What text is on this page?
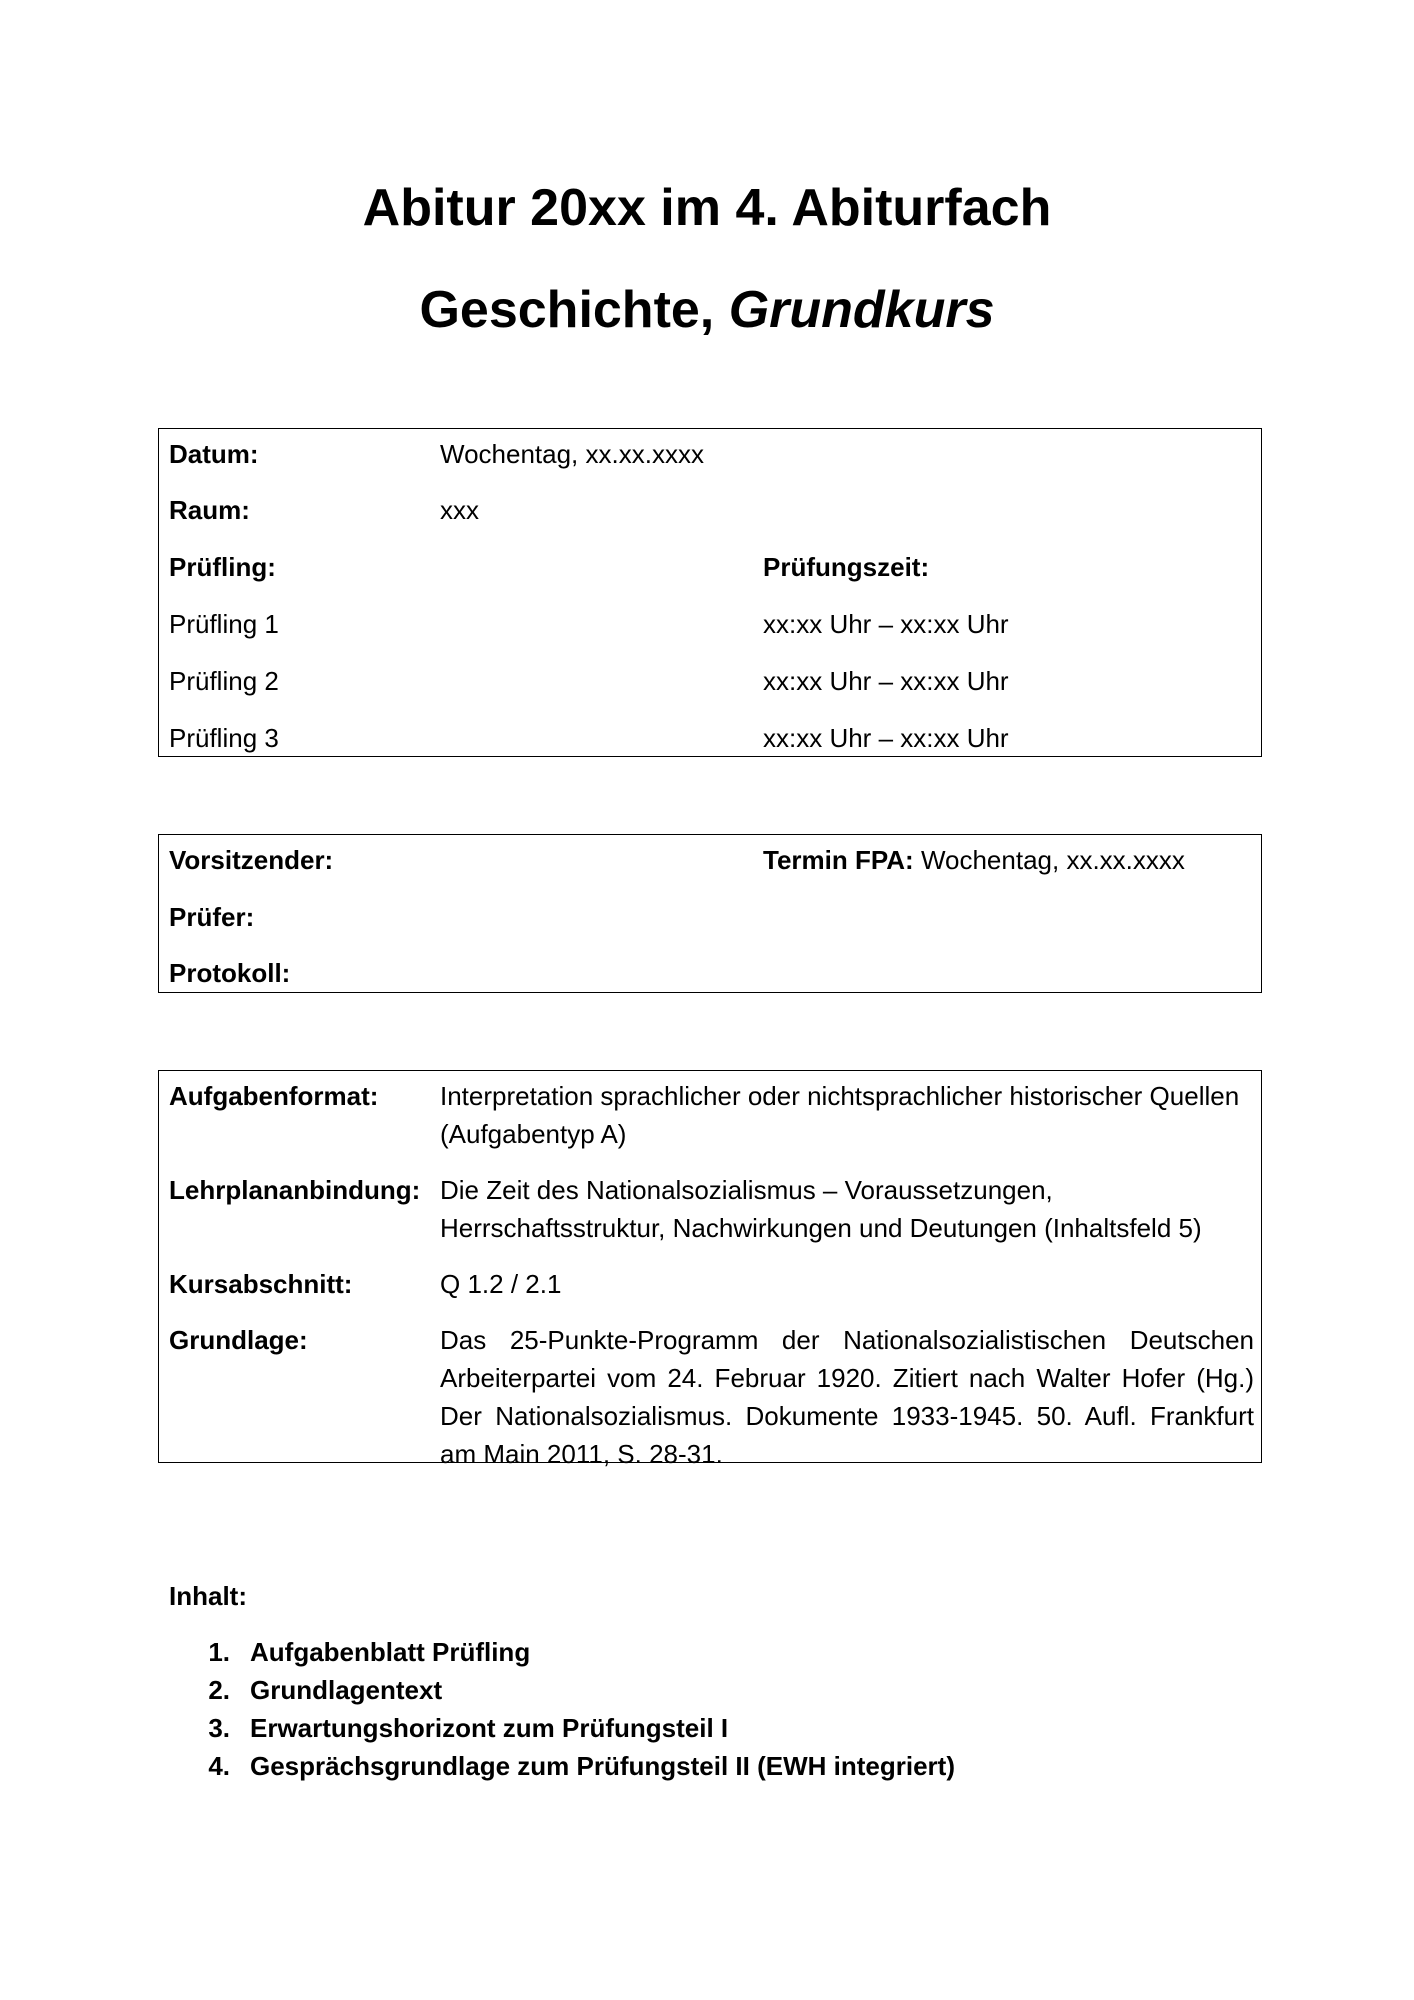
Abitur 20xx im 4. Abiturfach
Geschichte, Grundkurs
Datum:	Wochentag, xx.xx.xxxx
Raum:	xxx
Prüfling:	Prüfungszeit:
Prüfling 1	xx:xx Uhr – xx:xx Uhr
Prüfling 2	xx:xx Uhr – xx:xx Uhr
Prüfling 3	xx:xx Uhr – xx:xx Uhr
Vorsitzender:	Termin FPA: Wochentag, xx.xx.xxxx
Prüfer:
Protokoll:
Aufgabenformat: Interpretation sprachlicher oder nichtsprachlicher historischer Quellen (Aufgabentyp A)
Lehrplananbindung: Die Zeit des Nationalsozialismus – Voraussetzungen, Herrschaftsstruktur, Nachwirkungen und Deutungen (Inhaltsfeld 5)
Kursabschnitt:	Q 1.2 / 2.1
Grundlage:	Das 25-Punkte-Programm der Nationalsozialistischen Deutschen Arbeiterpartei vom 24. Februar 1920. Zitiert nach Walter Hofer (Hg.) Der Nationalsozialismus. Dokumente 1933-1945. 50. Aufl. Frankfurt am Main 2011, S. 28-31.
Inhalt:
1. Aufgabenblatt Prüfling
2. Grundlagentext
3. Erwartungshorizont zum Prüfungsteil I
4. Gesprächsgrundlage zum Prüfungsteil II (EWH integriert)
